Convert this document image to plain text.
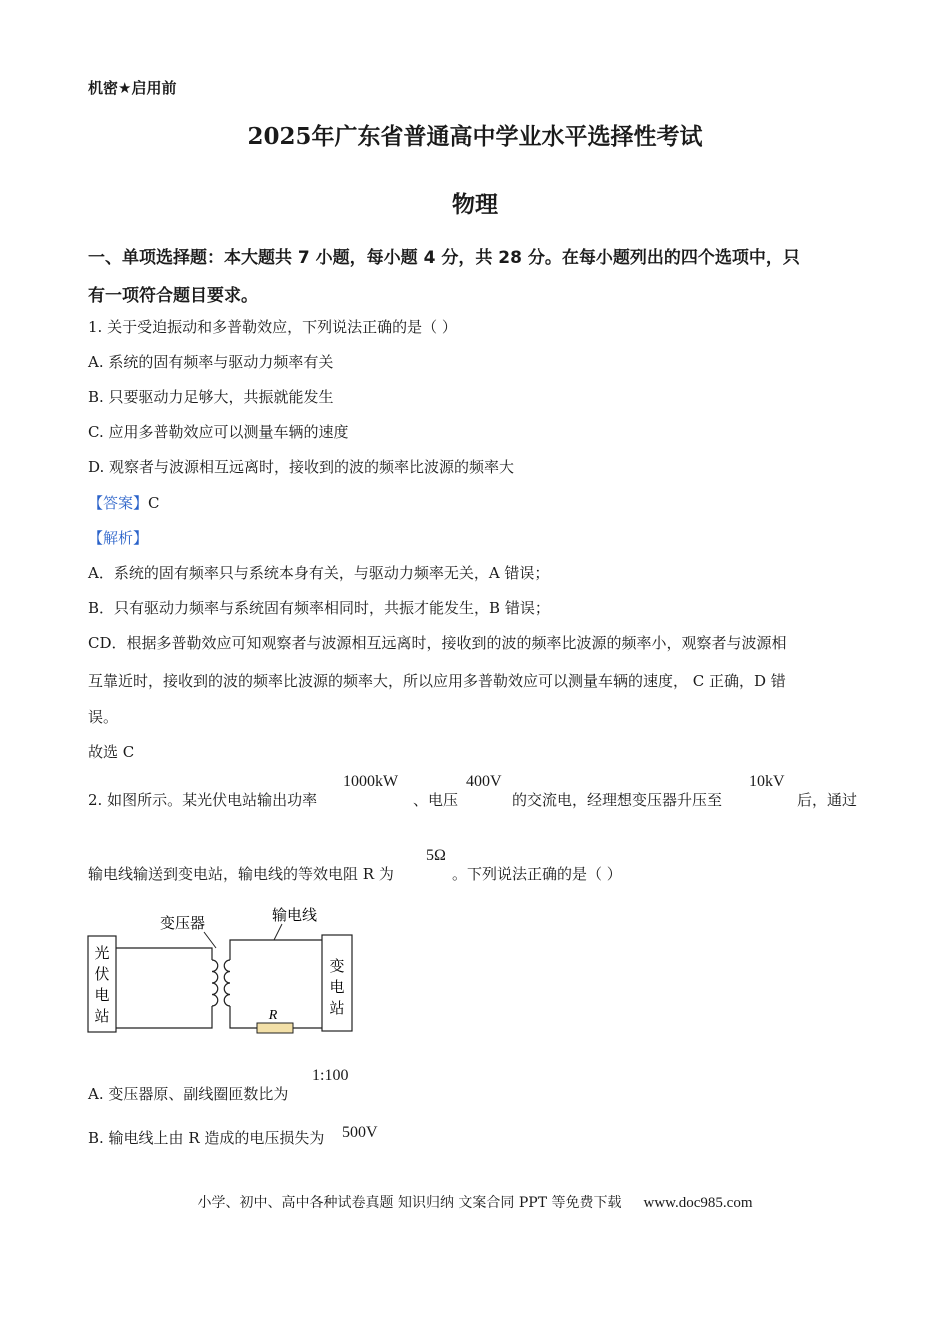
机密★启用前
2025年广东省普通高中学业水平选择性考试
物理
一、单项选择题：本大题共 7 小题，每小题 4 分，共 28 分。在每小题列出的四个选项中，只
有一项符合题目要求。
1. 关于受迫振动和多普勒效应，下列说法正确的是（ ）
A. 系统的固有频率与驱动力频率有关
B. 只要驱动力足够大，共振就能发生
C. 应用多普勒效应可以测量车辆的速度
D. 观察者与波源相互远离时，接收到的波的频率比波源的频率大
【答案】C
【解析】
A．系统的固有频率只与系统本身有关，与驱动力频率无关，A 错误；
B．只有驱动力频率与系统固有频率相同时，共振才能发生，B 错误；
CD．根据多普勒效应可知观察者与波源相互远离时，接收到的波的频率比波源的频率小，观察者与波源相
互靠近时，接收到的波的频率比波源的频率大，所以应用多普勒效应可以测量车辆的速度， C 正确，D 错
误。
故选 C
2. 如图所示。某光伏电站输出功率
1000kW
、电压
400V
的交流电，经理想变压器升压至
10kV
后，通过
输电线输送到变电站，输电线的等效电阻 R 为
5Ω
。下列说法正确的是（ ）
光
伏
电
站	R
变
电
站
变压器	输电线
A. 变压器原、副线圈匝数比为
1:100
B. 输电线上由 R 造成的电压损失为 500V
小学、初中、高中各种试卷真题 知识归纳 文案合同 PPT 等免费下载 www.doc985.com
